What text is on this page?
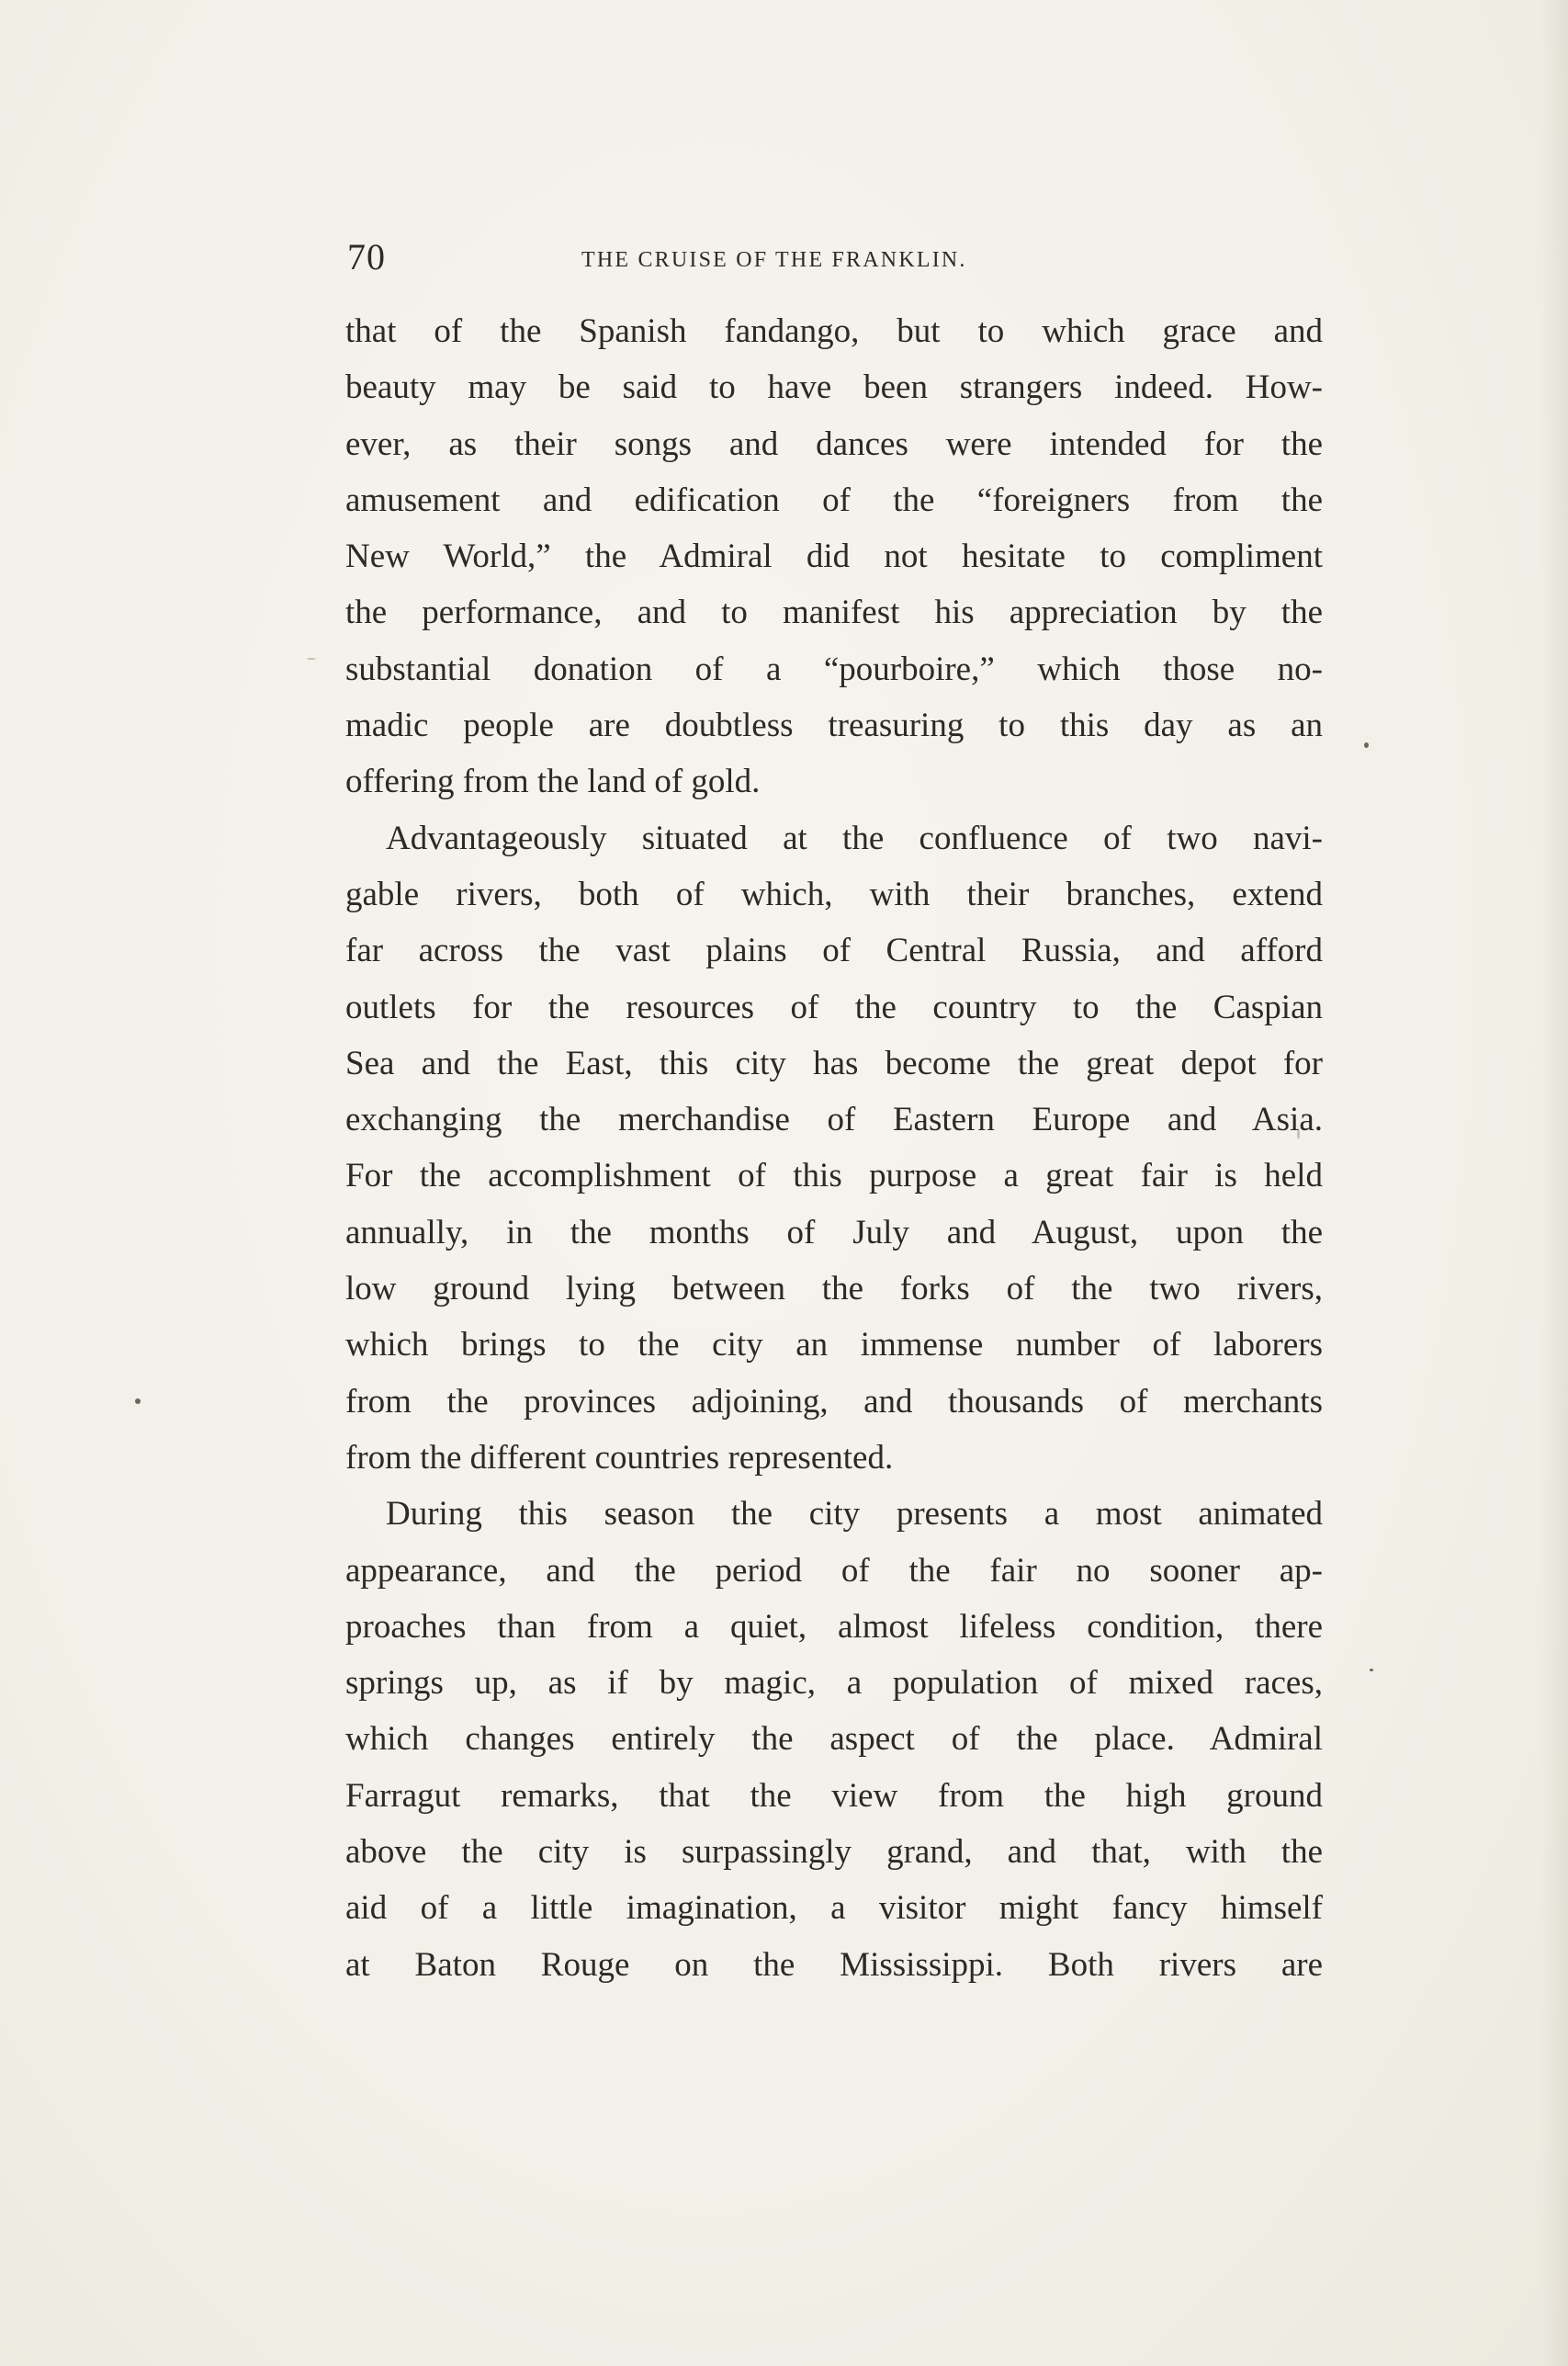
70	THE CRUISE OF THE FRANKLIN.
that of the Spanish fandango, but to which grace and
beauty may be said to have been strangers indeed. How-
ever, as their songs and dances were intended for the
amusement and edification of the “foreigners from the
New World,” the Admiral did not hesitate to compliment
the performance, and to manifest his appreciation by the
substantial donation of a “pourboire,” which those no-
madic people are doubtless treasuring to this day as an
offering from the land of gold.
Advantageously situated at the confluence of two navi-
gable rivers, both of which, with their branches, extend
far across the vast plains of Central Russia, and afford
outlets for the resources of the country to the Caspian
Sea and the East, this city has become the great depot for
exchanging the merchandise of Eastern Europe and Asia.
For the accomplishment of this purpose a great fair is held
annually, in the months of July and August, upon the
low ground lying between the forks of the two rivers,
which brings to the city an immense number of laborers
from the provinces adjoining, and thousands of merchants
from the different countries represented.
During this season the city presents a most animated
appearance, and the period of the fair no sooner ap-
proaches than from a quiet, almost lifeless condition, there
springs up, as if by magic, a population of mixed races,
which changes entirely the aspect of the place. Admiral
Farragut remarks, that the view from the high ground
above the city is surpassingly grand, and that, with the
aid of a little imagination, a visitor might fancy himself
at Baton Rouge on the Mississippi. Both rivers are
